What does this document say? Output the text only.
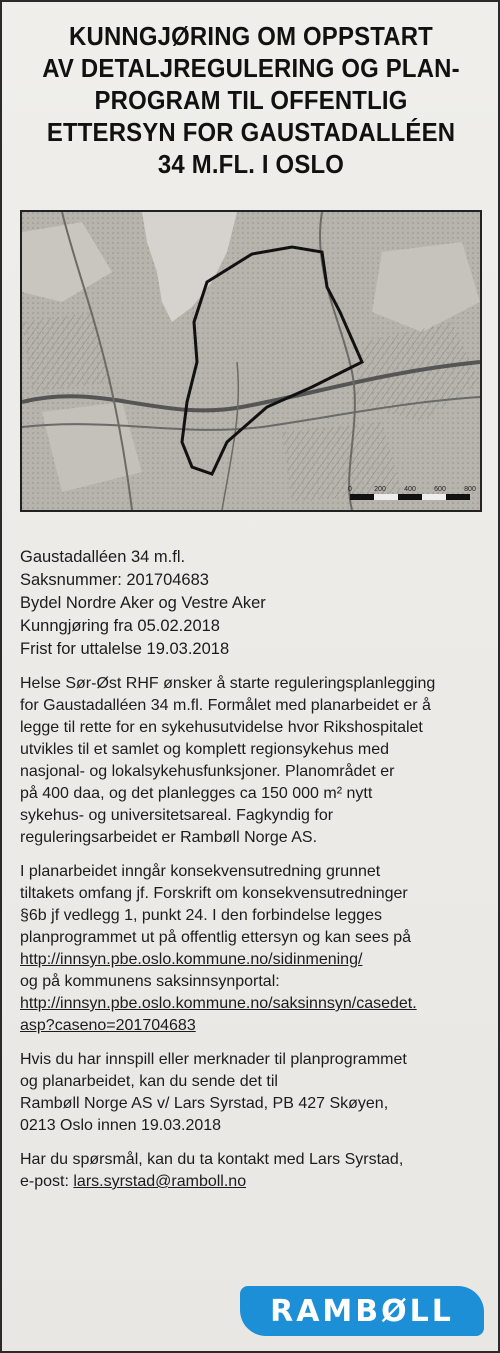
KUNNGJØRING OM OPPSTART
AV DETALJREGULERING OG PLAN-
PROGRAM TIL OFFENTLIG
ETTERSYN FOR GAUSTADALLÉEN
34 M.FL. I OSLO
0	200	400	600	800

Gaustadalléen 34 m.fl.
Saksnummer: 201704683
Bydel Nordre Aker og Vestre Aker
Kunngjøring fra 05.02.2018
Frist for uttalelse 19.03.2018

Helse Sør-Øst RHF ønsker å starte reguleringsplanlegging
for Gaustadalléen 34 m.fl. Formålet med planarbeidet er å
legge til rette for en sykehusutvidelse hvor Rikshospitalet
utvikles til et samlet og komplett regionsykehus med
nasjonal- og lokalsykehusfunksjoner. Planområdet er
på 400 daa, og det planlegges ca 150 000 m² nytt
sykehus- og universitetsareal. Fagkyndig for
reguleringsarbeidet er Rambøll Norge AS.

I planarbeidet inngår konsekvensutredning grunnet
tiltakets omfang jf. Forskrift om konsekvensutredninger
§6b jf vedlegg 1, punkt 24. I den forbindelse legges
planprogrammet ut på offentlig ettersyn og kan sees på
http://innsyn.pbe.oslo.kommune.no/sidinmening/
og på kommunens saksinnsynportal:
http://innsyn.pbe.oslo.kommune.no/saksinnsyn/casedet.
asp?caseno=201704683

Hvis du har innspill eller merknader til planprogrammet
og planarbeidet, kan du sende det til
Rambøll Norge AS v/ Lars Syrstad, PB 427 Skøyen,
0213 Oslo innen 19.03.2018

Har du spørsmål, kan du ta kontakt med Lars Syrstad,
e-post: lars.syrstad@ramboll.no

RAMBØLL
